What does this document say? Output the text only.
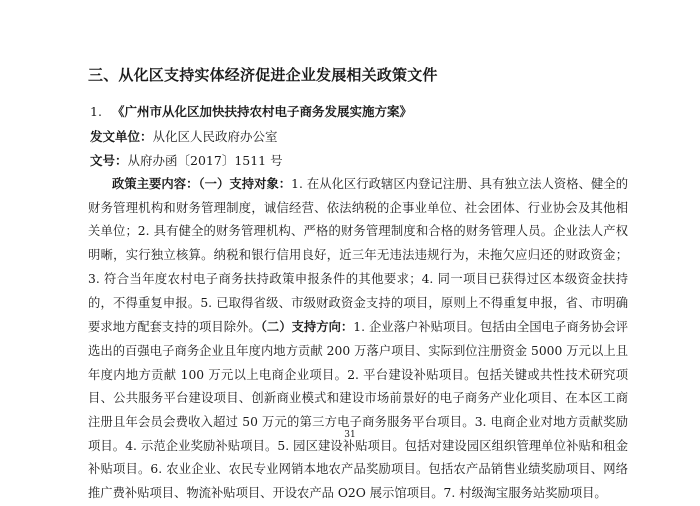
三、从化区支持实体经济促进企业发展相关政策文件
1. 《广州市从化区加快扶持农村电子商务发展实施方案》
发文单位：从化区人民政府办公室
文号：从府办函〔2017〕1511 号
政策主要内容：（一）支持对象：1. 在从化区行政辖区内登记注册、具有独立法人资格、健全的财务管理机构和财务管理制度，诚信经营、依法纳税的企事业单位、社会团体、行业协会及其他相关单位；2. 具有健全的财务管理机构、严格的财务管理制度和合格的财务管理人员。企业法人产权明晰，实行独立核算。纳税和银行信用良好，近三年无违法违规行为，未拖欠应归还的财政资金；3. 符合当年度农村电子商务扶持政策申报条件的其他要求；4. 同一项目已获得过区本级资金扶持的，不得重复申报。5. 已取得省级、市级财政资金支持的项目，原则上不得重复申报，省、市明确要求地方配套支持的项目除外。（二）支持方向：1. 企业落户补贴项目。包括由全国电子商务协会评选出的百强电子商务企业且年度内地方贡献 200 万落户项目、实际到位注册资金 5000 万元以上且年度内地方贡献 100 万元以上电商企业项目。2. 平台建设补贴项目。包括关键或共性技术研究项目、公共服务平台建设项目、创新商业模式和建设市场前景好的电子商务产业化项目、在本区工商注册且年会员会费收入超过 50 万元的第三方电子商务服务平台项目。3. 电商企业对地方贡献奖励项目。4. 示范企业奖励补贴项目。5. 园区建设补贴项目。包括对建设园区组织管理单位补贴和租金补贴项目。6. 农业企业、农民专业网销本地农产品奖励项目。包括农产品销售业绩奖励项目、网络推广费补贴项目、物流补贴项目、开设农产品 O2O 展示馆项目。7. 村级淘宝服务站奖励项目。
31
